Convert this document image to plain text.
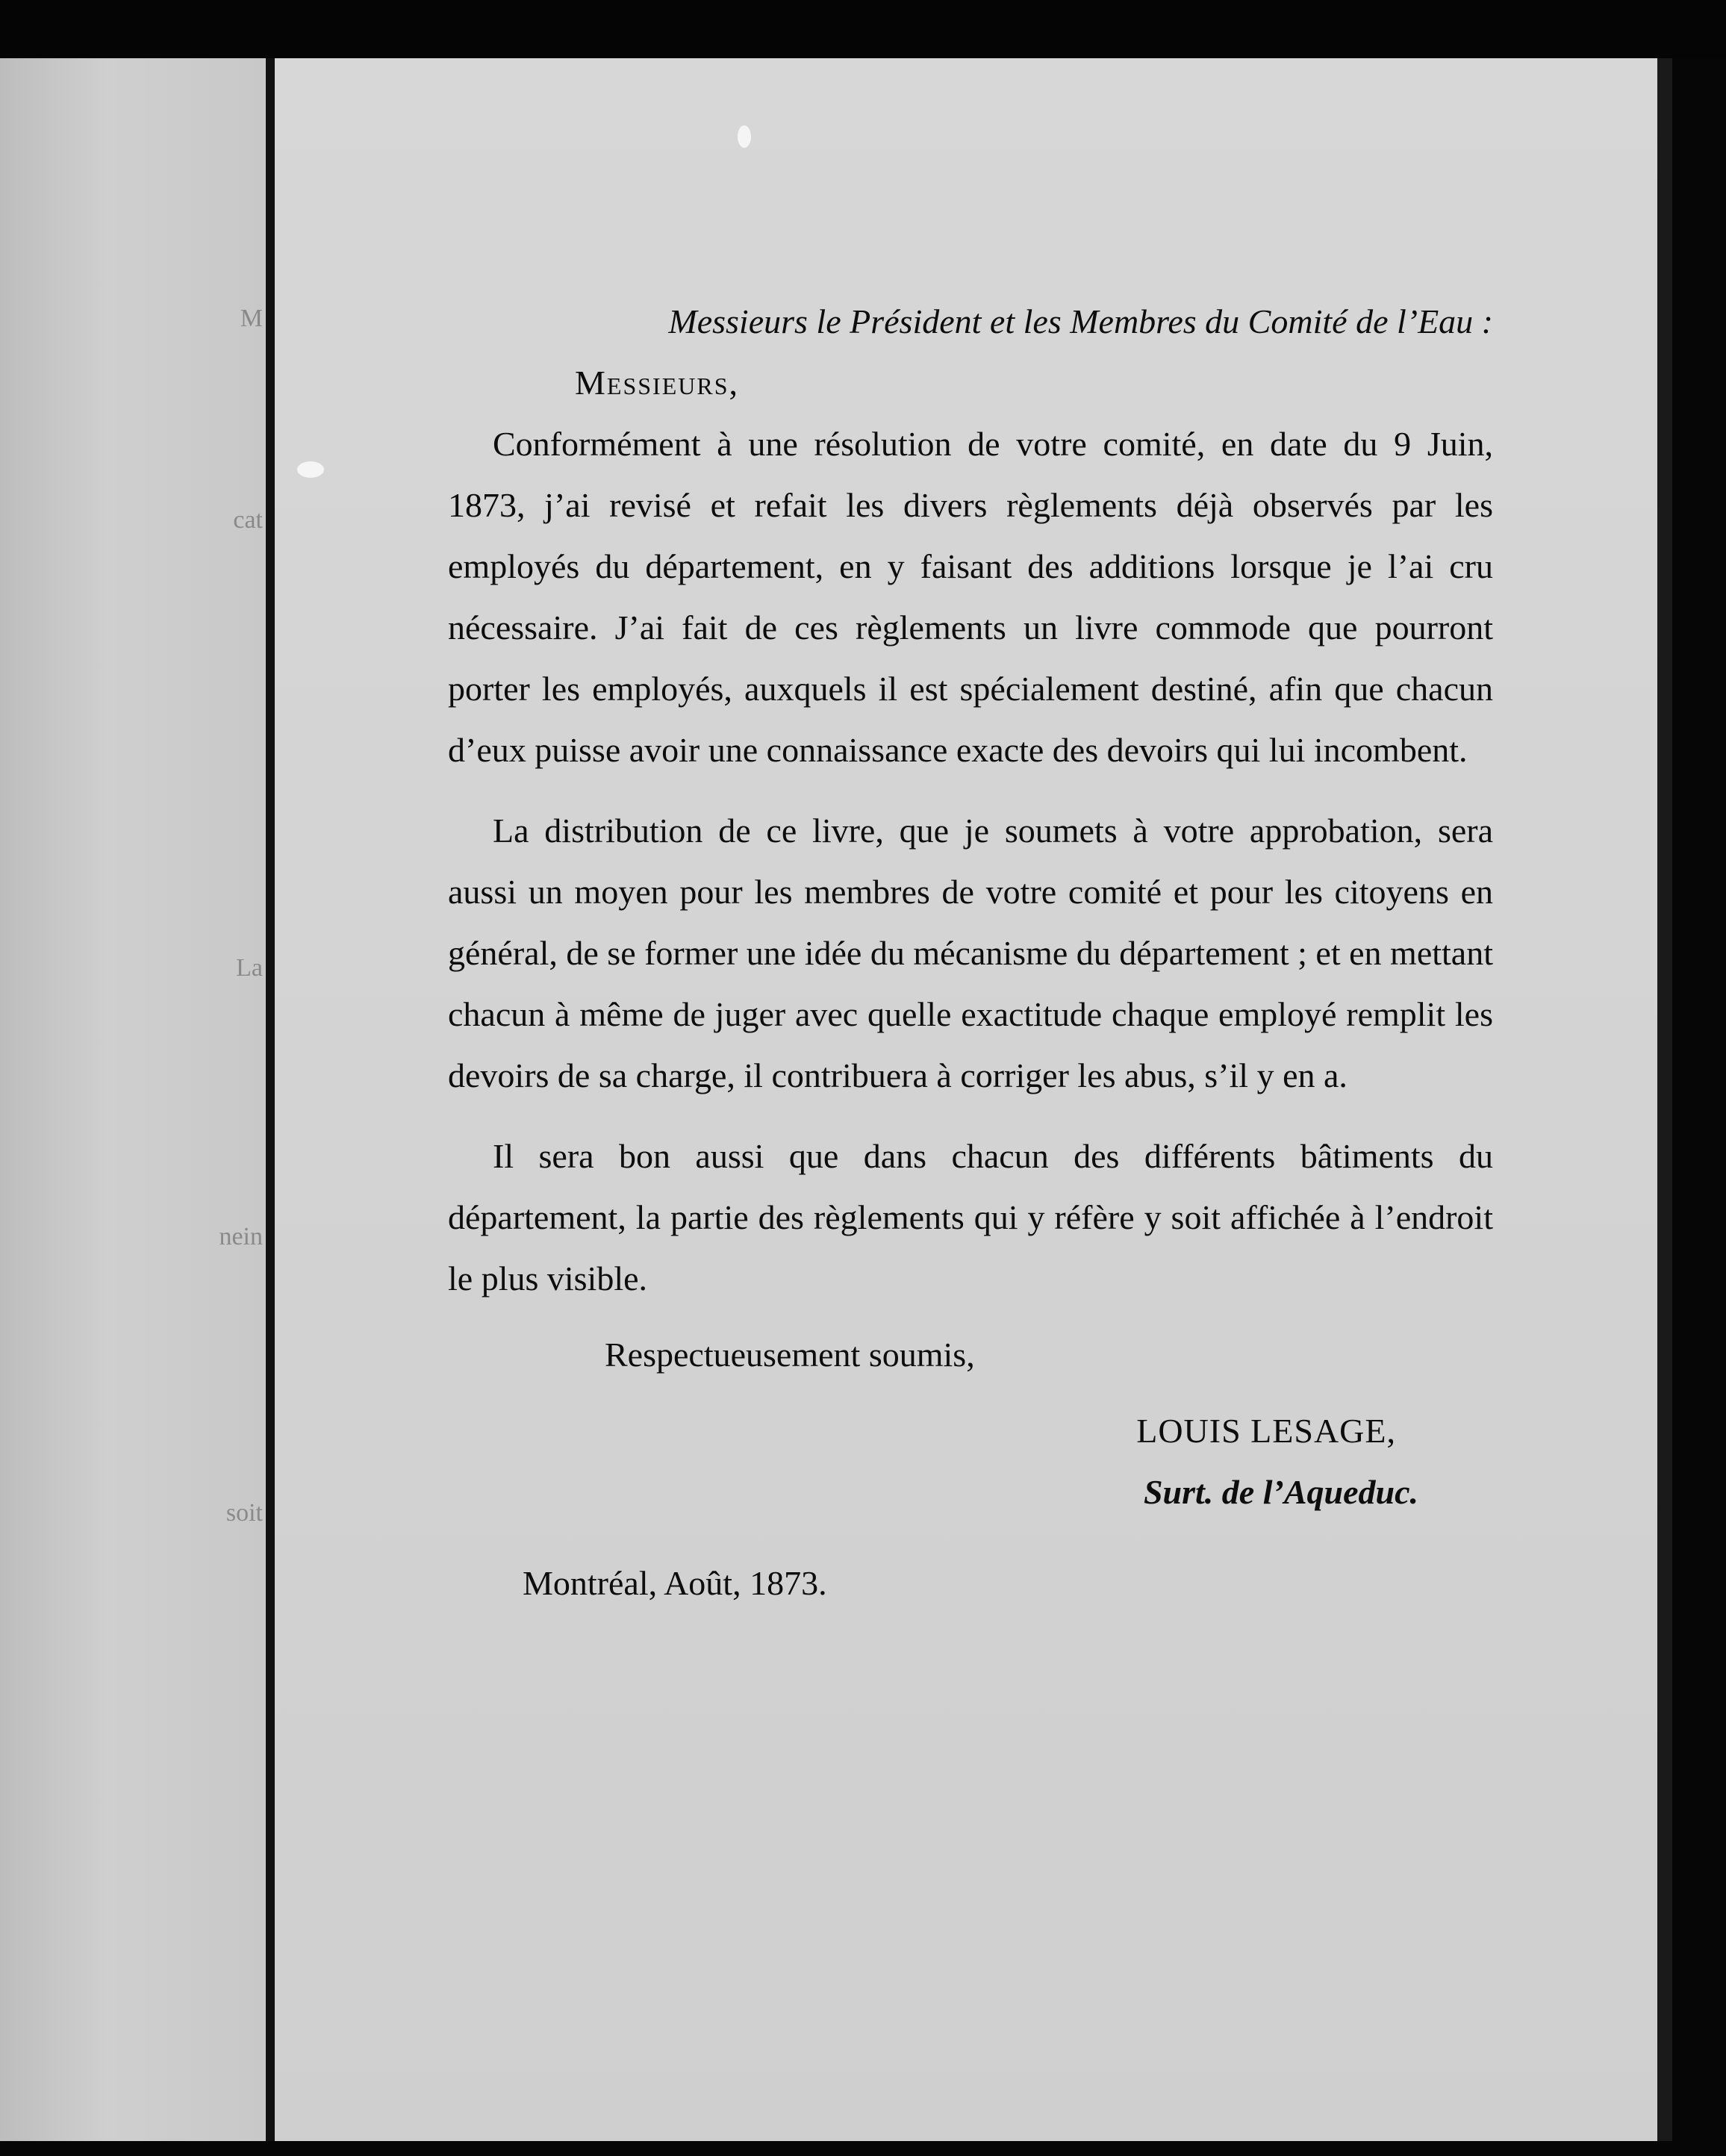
M
cat
La
nein
soit
Messieurs le Président et les Membres du Comité de l’Eau :
Messieurs,

Conformément à une résolution de votre comité, en date du 9 Juin, 1873, j’ai revisé et refait les divers règlements déjà observés par les employés du département, en y faisant des additions lorsque je l’ai cru nécessaire. J’ai fait de ces règlements un livre commode que pourront porter les employés, auxquels il est spécialement destiné, afin que chacun d’eux puisse avoir une connaissance exacte des devoirs qui lui incombent.

La distribution de ce livre, que je soumets à votre approbation, sera aussi un moyen pour les membres de votre comité et pour les citoyens en général, de se former une idée du mécanisme du département ; et en mettant chacun à même de juger avec quelle exactitude chaque employé remplit les devoirs de sa charge, il contribuera à corriger les abus, s’il y en a.

Il sera bon aussi que dans chacun des différents bâtiments du département, la partie des règlements qui y réfère y soit affichée à l’endroit le plus visible.

Respectueusement soumis,
LOUIS LESAGE,
Surt. de l’Aqueduc.
Montréal, Août, 1873.
